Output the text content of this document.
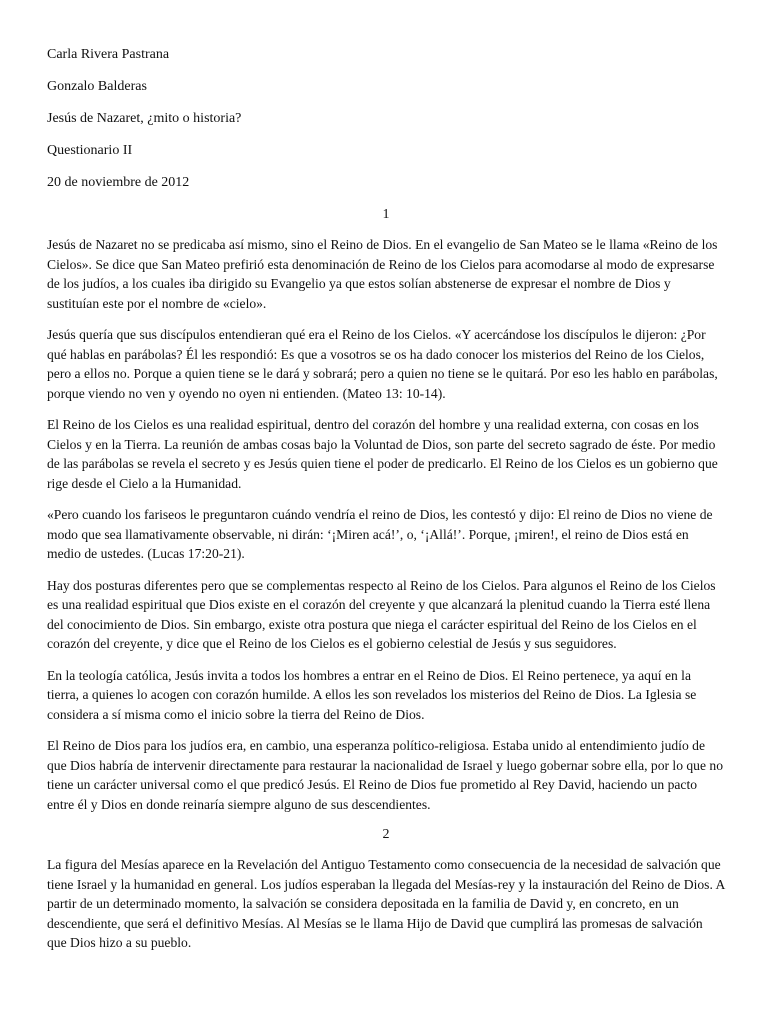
Carla Rivera Pastrana

Gonzalo Balderas

Jesús de Nazaret, ¿mito o historia?

Questionario II

20 de noviembre de 2012

1

Jesús de Nazaret no se predicaba así mismo, sino el Reino de Dios. En el evangelio de San Mateo se le llama «Reino de los Cielos». Se dice que San Mateo prefirió esta denominación de Reino de los Cielos para acomodarse al modo de expresarse de los judíos, a los cuales iba dirigido su Evangelio ya que estos solían abstenerse de expresar el nombre de Dios y sustituían este por el nombre de «cielo».

Jesús quería que sus discípulos entendieran qué era el Reino de los Cielos. «Y acercándose los discípulos le dijeron: ¿Por qué hablas en parábolas? Él les respondió: Es que a vosotros se os ha dado conocer los misterios del Reino de los Cielos, pero a ellos no. Porque a quien tiene se le dará y sobrará; pero a quien no tiene se le quitará. Por eso les hablo en parábolas, porque viendo no ven y oyendo no oyen ni entienden. (Mateo 13: 10-14).

El Reino de los Cielos es una realidad espiritual, dentro del corazón del hombre y una realidad externa, con cosas en los Cielos y en la Tierra. La reunión de ambas cosas bajo la Voluntad de Dios, son parte del secreto sagrado de éste. Por medio de las parábolas se revela el secreto y es Jesús quien tiene el poder de predicarlo. El Reino de los Cielos es un gobierno que rige desde el Cielo a la Humanidad.

«Pero cuando los fariseos le preguntaron cuándo vendría el reino de Dios, les contestó y dijo: El reino de Dios no viene de modo que sea llamativamente observable, ni dirán: ‘¡Miren acá!’, o, ‘¡Allá!’. Porque, ¡miren!, el reino de Dios está en medio de ustedes. (Lucas 17:20-21).

Hay dos posturas diferentes pero que se complementas respecto al Reino de los Cielos. Para algunos el Reino de los Cielos es una realidad espiritual que Dios existe en el corazón del creyente y que alcanzará la plenitud cuando la Tierra esté llena del conocimiento de Dios. Sin embargo, existe otra postura que niega el carácter espiritual del Reino de los Cielos en el corazón del creyente, y dice que el Reino de los Cielos es el gobierno celestial de Jesús y sus seguidores.

En la teología católica, Jesús invita a todos los hombres a entrar en el Reino de Dios. El Reino pertenece, ya aquí en la tierra, a quienes lo acogen con corazón humilde. A ellos les son revelados los misterios del Reino de Dios. La Iglesia se considera a sí misma como el inicio sobre la tierra del Reino de Dios.

El Reino de Dios para los judíos era, en cambio, una esperanza político-religiosa. Estaba unido al entendimiento judío de que Dios habría de intervenir directamente para restaurar la nacionalidad de Israel y luego gobernar sobre ella, por lo que no tiene un carácter universal como el que predicó Jesús. El Reino de Dios fue prometido al Rey David, haciendo un pacto entre él y Dios en donde reinaría siempre alguno de sus descendientes.

2

La figura del Mesías aparece en la Revelación del Antiguo Testamento como consecuencia de la necesidad de salvación que tiene Israel y la humanidad en general. Los judíos esperaban la llegada del Mesías-rey y la instauración del Reino de Dios. A partir de un determinado momento, la salvación se considera depositada en la familia de David y, en concreto, en un descendiente, que será el definitivo Mesías. Al Mesías se le llama Hijo de David que cumplirá las promesas de salvación que Dios hizo a su pueblo.
